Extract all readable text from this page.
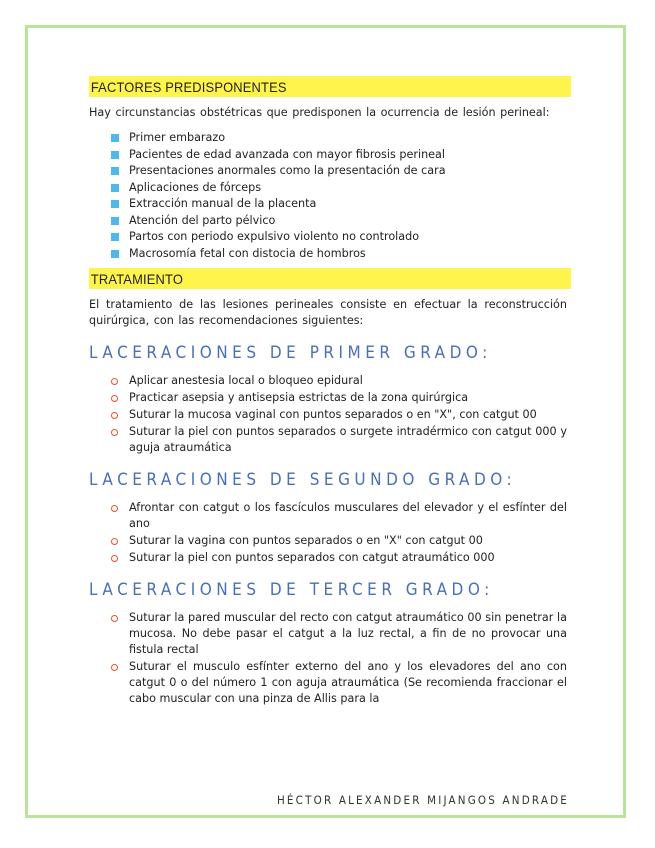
FACTORES PREDISPONENTES

Hay circunstancias obstétricas que predisponen la ocurrencia de lesión perineal:

Primer embarazo
Pacientes de edad avanzada con mayor fibrosis perineal
Presentaciones anormales como la presentación de cara
Aplicaciones de fórceps
Extracción manual de la placenta
Atención del parto pélvico
Partos con periodo expulsivo violento no controlado
Macrosomía fetal con distocia de hombros
TRATAMIENTO

El tratamiento de las lesiones perineales consiste en efectuar la reconstrucción quirúrgica, con las recomendaciones siguientes:

LACERACIONES DE PRIMER GRADO:
Aplicar anestesia local o bloqueo epidural
Practicar asepsia y antisepsia estrictas de la zona quirúrgica
Suturar la mucosa vaginal con puntos separados o en "X", con catgut 00
Suturar la piel con puntos separados o surgete intradérmico con catgut 000 y aguja atraumática
LACERACIONES DE SEGUNDO GRADO:
Afrontar con catgut o los fascículos musculares del elevador y el esfínter del ano
Suturar la vagina con puntos separados o en "X" con catgut 00
Suturar la piel con puntos separados con catgut atraumático 000
LACERACIONES DE TERCER GRADO:
Suturar la pared muscular del recto con catgut atraumático 00 sin penetrar la mucosa. No debe pasar el catgut a la luz rectal, a fin de no provocar una fistula rectal
Suturar el musculo esfínter externo del ano y los elevadores del ano con catgut 0 o del número 1 con aguja atraumática (Se recomienda fraccionar el cabo muscular con una pinza de Allis para la
HÉCTOR ALEXANDER MIJANGOS ANDRADE
